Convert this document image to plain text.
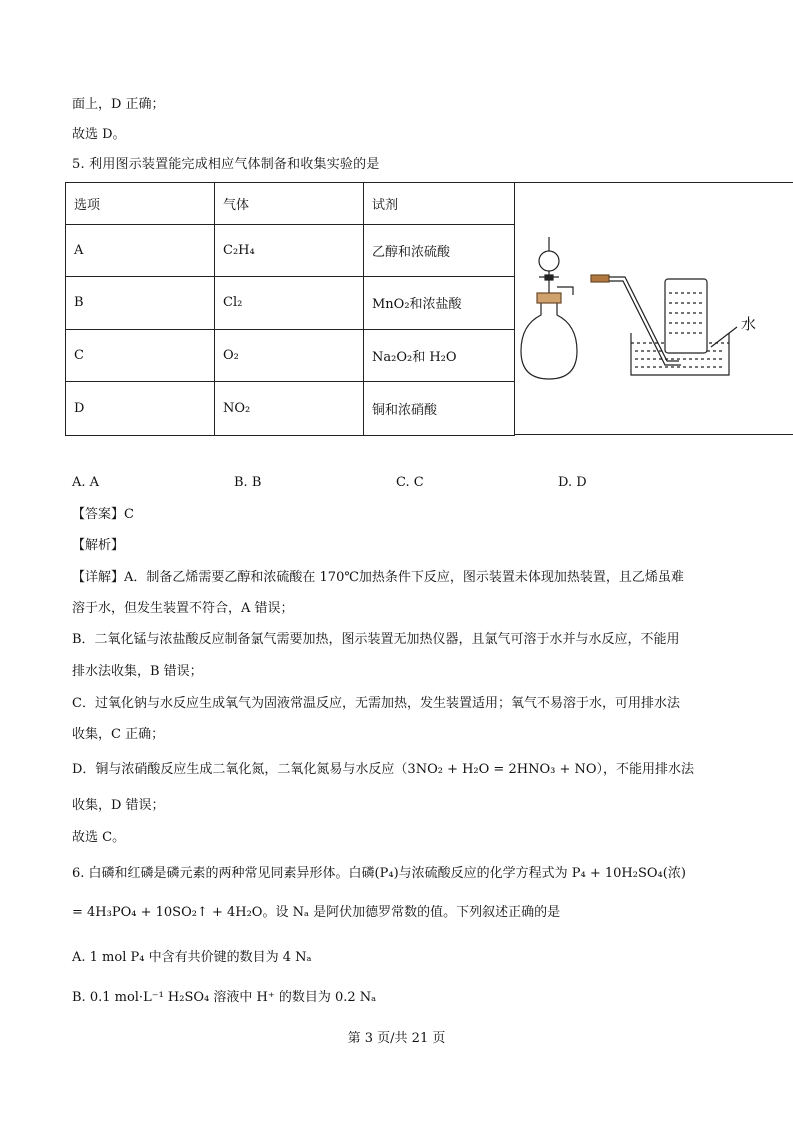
面上，D 正确；
故选 D。
5. 利用图示装置能完成相应气体制备和收集实验的是
选项	气体	试剂
A	C₂H₄	乙醇和浓硫酸
B	Cl₂	MnO₂和浓盐酸
C	O₂	Na₂O₂和 H₂O
D	NO₂	铜和浓硝酸
水
A. A	B. B	C. C	D. D
【答案】C
【解析】
【详解】A．制备乙烯需要乙醇和浓硫酸在 170℃加热条件下反应，图示装置未体现加热装置，且乙烯虽难
溶于水，但发生装置不符合，A 错误；
B．二氧化锰与浓盐酸反应制备氯气需要加热，图示装置无加热仪器，且氯气可溶于水并与水反应，不能用
排水法收集，B 错误；
C．过氧化钠与水反应生成氧气为固液常温反应，无需加热，发生装置适用；氧气不易溶于水，可用排水法
收集，C 正确；
D．铜与浓硝酸反应生成二氧化氮，二氧化氮易与水反应（3NO₂ + H₂O = 2HNO₃ + NO），不能用排水法
收集，D 错误；
故选 C。
6. 白磷和红磷是磷元素的两种常见同素异形体。白磷(P₄)与浓硫酸反应的化学方程式为 P₄ + 10H₂SO₄(浓)
= 4H₃PO₄ + 10SO₂↑ + 4H₂O。设 Nₐ 是阿伏加德罗常数的值。下列叙述正确的是
A. 1 mol P₄ 中含有共价键的数目为 4 Nₐ
B. 0.1 mol·L⁻¹ H₂SO₄ 溶液中 H⁺ 的数目为 0.2 Nₐ
第 3 页/共 21 页
